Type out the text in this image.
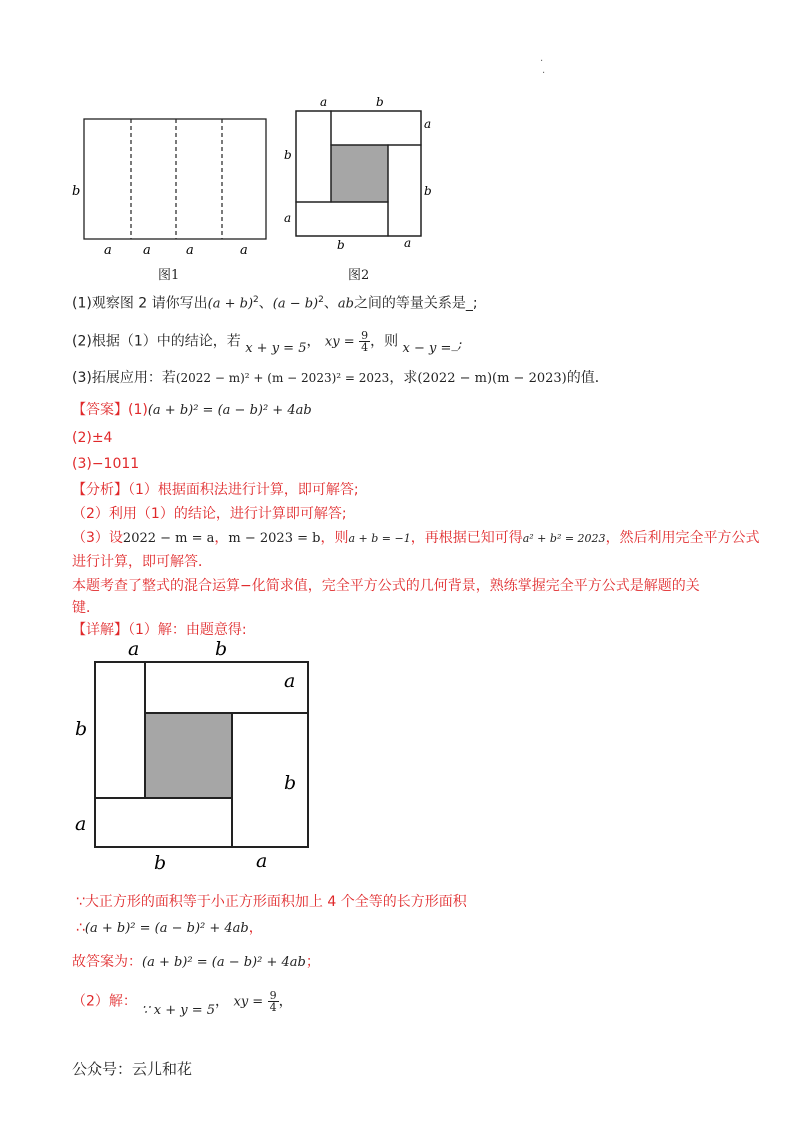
·
·
b
a a	a	a
图1
a	b
a
b
b
a
b	a
图2
(1)观察图 2 请你写出$(a + b)^2$、$(a - b)^2$、ab之间的等量关系是_;
(2)根据（1）中的结论，若 x + y = 5， xy = $\frac{9}{4}$ ，则 x − y =_;
(3)拓展应用：若(2022 − m)² + (m − 2023)² = 2023，求(2022 − m)(m − 2023)的值．
【答案】(1)(a + b)² = (a − b)² + 4ab
(2)±4
(3)−1011
【分析】（1）根据面积法进行计算，即可解答;
（2）利用（1）的结论，进行计算即可解答;
（3）设2022 − m = a，m − 2023 = b，则a + b = −1，再根据已知可得a² + b² = 2023，然后利用完全平方公式
进行计算，即可解答．
本题考查了整式的混合运算−化简求值，完全平方公式的几何背景，熟练掌握完全平方公式是解题的关
键．
【详解】（1）解：由题意得:
a	b
a
b
b
a
b	a
∵大正方形的面积等于小正方形面积加上 4 个全等的长方形面积
∴(a + b)² = (a − b)² + 4ab，
故答案为：(a + b)² = (a − b)² + 4ab；
（2）解： ∵ x + y = 5， xy = $\frac{9}{4}$ ，
公众号：云儿和花
